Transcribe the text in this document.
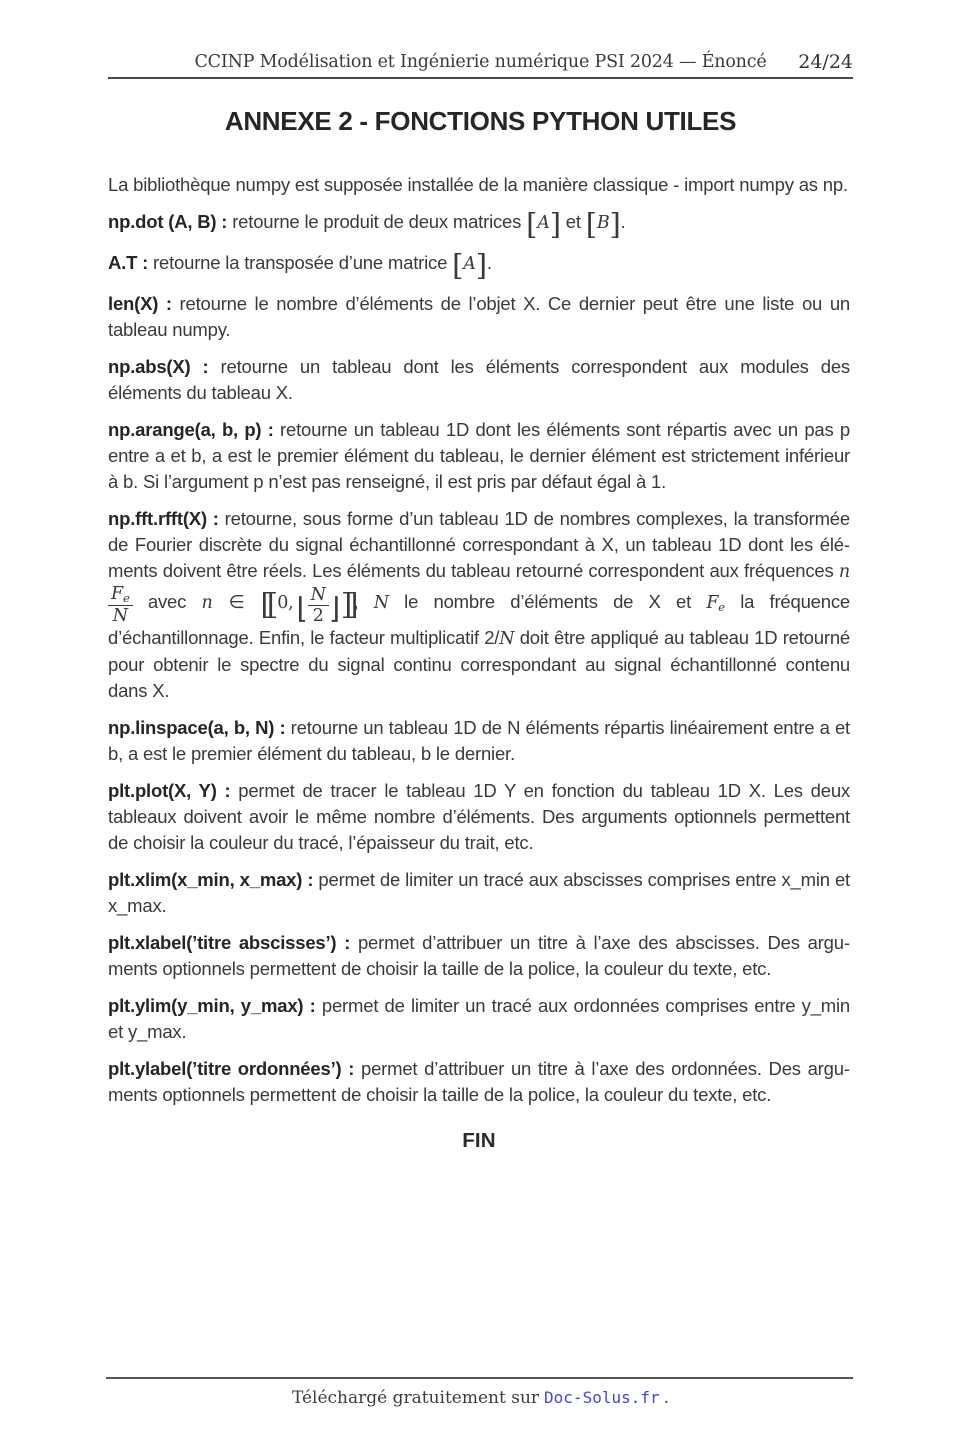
CCINP Modélisation et Ingénierie numérique PSI 2024 — Énoncé	24/24
ANNEXE 2 - FONCTIONS PYTHON UTILES

La bibliothèque numpy est supposée installée de la manière classique - import numpy as np.

np.dot (A, B) : retourne le produit de deux matrices [A] et [B].

A.T : retourne la transposée d’une matrice [A].

len(X) : retourne le nombre d’éléments de l’objet X. Ce dernier peut être une liste ou un tableau numpy.

np.abs(X) : retourne un tableau dont les éléments correspondent aux modules des éléments du tableau X.

np.arange(a, b, p) : retourne un tableau 1D dont les éléments sont répartis avec un pas p entre a et b, a est le premier élément du tableau, le dernier élément est strictement inférieur à b. Si l’argument p n’est pas renseigné, il est pris par défaut égal à 1.

np.fft.rfft(X) : retourne, sous forme d’un tableau 1D de nombres complexes, la transformée de Fourier discrète du signal échantillonné correspondant à X, un tableau 1D dont les éléments doivent être réels. Les éléments du tableau retourné correspondent aux fréquences n
$\frac{Fe}{N}$ avec n ∈ [[ 0, ⌊ $\frac{N}{2}$ ⌋]], N le nombre d’éléments de X et Fe la fréquence d’échantillonnage. Enfin, le facteur multiplicatif 2/N doit être appliqué au tableau 1D retourné pour obtenir le spectre du signal continu correspondant au signal échantillonné contenu dans X.

np.linspace(a, b, N) : retourne un tableau 1D de N éléments répartis linéairement entre a et b, a est le premier élément du tableau, b le dernier.

plt.plot(X, Y) : permet de tracer le tableau 1D Y en fonction du tableau 1D X. Les deux tableaux doivent avoir le même nombre d’éléments. Des arguments optionnels permettent de choisir la couleur du tracé, l’épaisseur du trait, etc.

plt.xlim(x_min, x_max) : permet de limiter un tracé aux abscisses comprises entre x_min et x_max.

plt.xlabel(’titre abscisses’) : permet d’attribuer un titre à l’axe des abscisses. Des arguments optionnels permettent de choisir la taille de la police, la couleur du texte, etc.

plt.ylim(y_min, y_max) : permet de limiter un tracé aux ordonnées comprises entre y_min et y_max.

plt.ylabel(’titre ordonnées’) : permet d’attribuer un titre à l’axe des ordonnées. Des arguments optionnels permettent de choisir la taille de la police, la couleur du texte, etc.

FIN
Téléchargé gratuitement sur Doc-Solus.fr .
